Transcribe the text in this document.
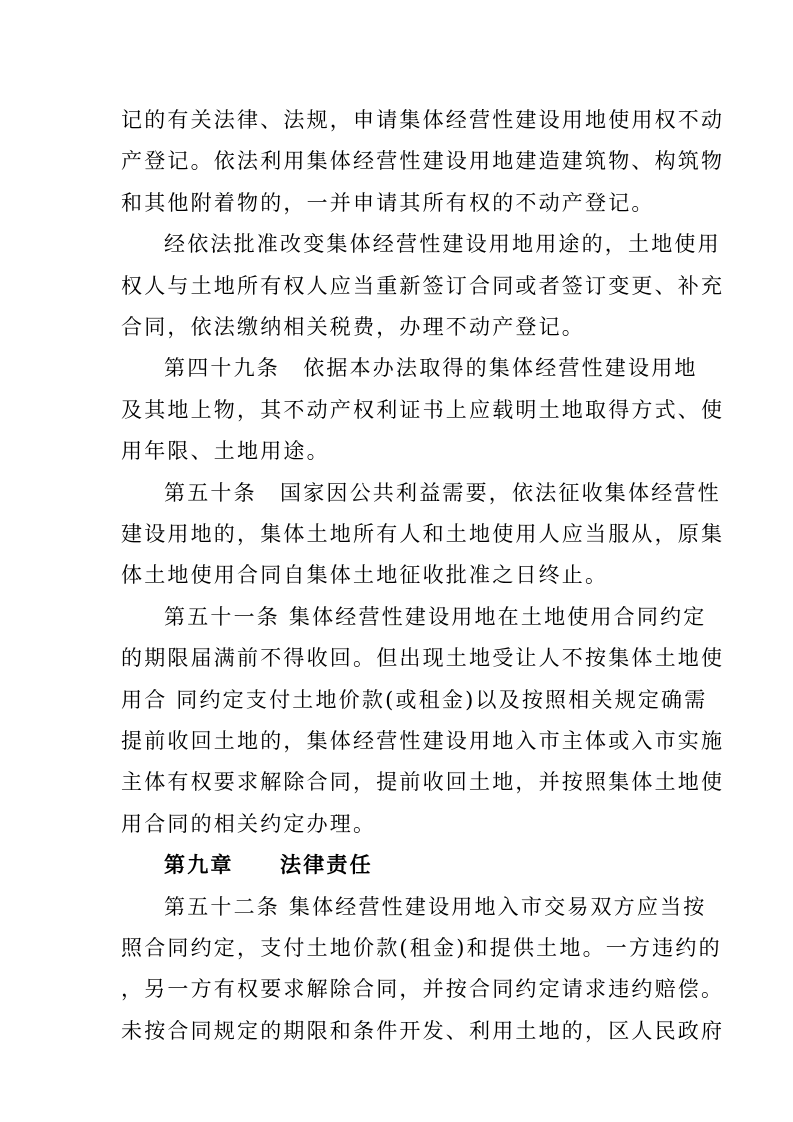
记的有关法律、法规，申请集体经营性建设用地使用权不动
产登记。依法利用集体经营性建设用地建造建筑物、构筑物
和其他附着物的，一并申请其所有权的不动产登记。
经依法批准改变集体经营性建设用地用途的，土地使用
权人与土地所有权人应当重新签订合同或者签订变更、补充
合同，依法缴纳相关税费，办理不动产登记。
第四十九条　依据本办法取得的集体经营性建设用地
及其地上物，其不动产权利证书上应载明土地取得方式、使
用年限、土地用途。
第五十条　国家因公共利益需要，依法征收集体经营性
建设用地的，集体土地所有人和土地使用人应当服从，原集
体土地使用合同自集体土地征收批准之日终止。
第五十一条 集体经营性建设用地在土地使用合同约定
的期限届满前不得收回。但出现土地受让人不按集体土地使
用合 同约定支付土地价款(或租金)以及按照相关规定确需
提前收回土地的，集体经营性建设用地入市主体或入市实施
主体有权要求解除合同，提前收回土地，并按照集体土地使
用合同的相关约定办理。
第九章　　法律责任
第五十二条 集体经营性建设用地入市交易双方应当按
照合同约定，支付土地价款(租金)和提供土地。一方违约的
，另一方有权要求解除合同，并按合同约定请求违约赔偿。
未按合同规定的期限和条件开发、利用土地的，区人民政府
